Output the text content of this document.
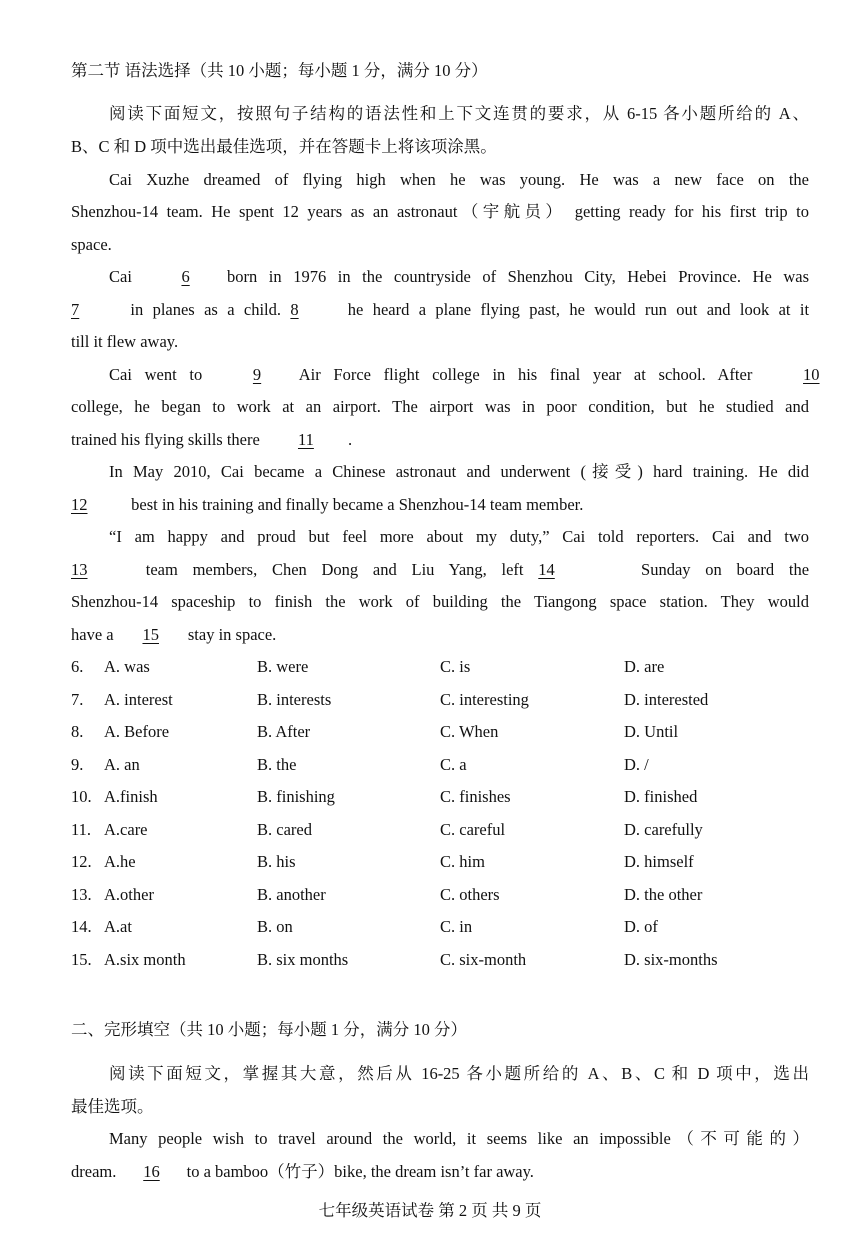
第二节 语法选择（共 10 小题；每小题 1 分，满分 10 分）
阅读下面短文，按照句子结构的语法性和上下文连贯的要求，从 6-15 各小题所给的 A、
B、C 和 D 项中选出最佳选项，并在答题卡上将该项涂黑。
Cai Xuzhe dreamed of flying high when he was young. He was a new face on the
Shenzhou-14 team. He spent 12 years as an astronaut（宇航员） getting ready for his first trip to
space.
Cai	6 born in 1976 in the countryside of Shenzhou City, Hebei Province. He was
7	in planes as a child. 8	he heard a plane flying past, he would run out and look at it
till it flew away.
Cai went to	9 Air Force flight college in his final year at school. After	10
college, he began to work at an airport. The airport was in poor condition, but he studied and
trained his flying skills there 11 .
In May 2010, Cai became a Chinese astronaut and underwent (接受) hard training. He did
12	best in his training and finally became a Shenzhou-14 team member.
“I am happy and proud but feel more about my duty,” Cai told reporters. Cai and two
13	team members, Chen Dong and Liu Yang, left 14	Sunday on board the
Shenzhou-14 spaceship to finish the work of building the Tiangong space station. They would
have a 15 stay in space.
6. A. was	B. were	C. is	D. are
7. A. interest	B. interests	C. interesting	D. interested
8. A. Before	B. After	C. When	D. Until
9. A. an	B. the	C. a	D. /
10. A.finish	B. finishing	C. finishes	D. finished
11. A.care	B. cared	C. careful	D. carefully
12. A.he	B. his	C. him	D. himself
13. A.other	B. another	C. others	D. the other
14. A.at	B. on	C. in	D. of
15. A.six month	B. six months	C. six-month	D. six-months
二、完形填空（共 10 小题；每小题 1 分，满分 10 分）
阅读下面短文，掌握其大意，然后从 16-25 各小题所给的 A、B、C 和 D 项中，选出
最佳选项。
Many people wish to travel around the world, it seems like an impossible（不可能的）
dream. 16 to a bamboo（竹子）bike, the dream isn’t far away.
七年级英语试卷 第 2 页 共 9 页
